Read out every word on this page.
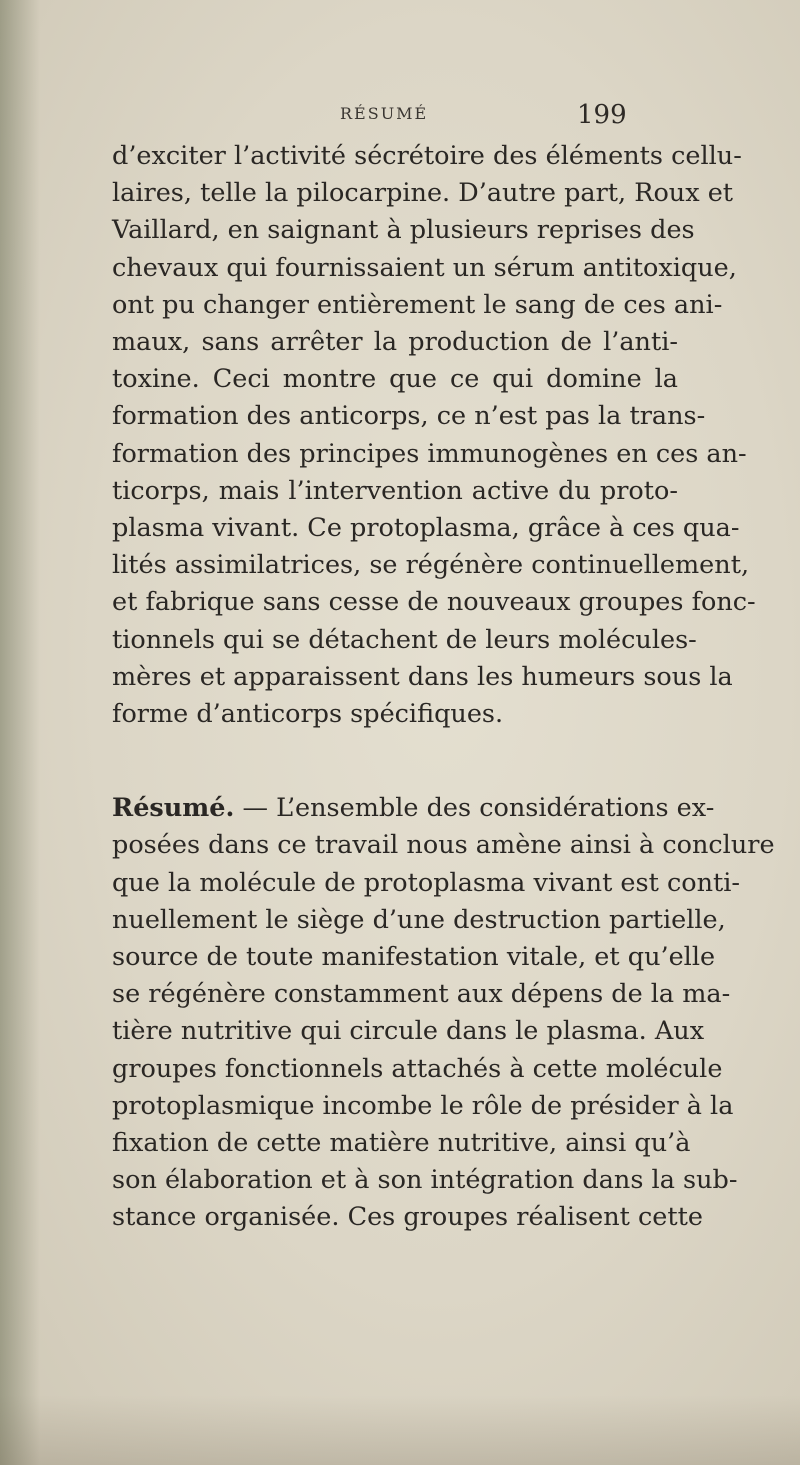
RÉSUMÉ	199
d’exciter l’activité sécrétoire des éléments cellu-
laires, telle la pilocarpine. D’autre part, Roux et
Vaillard, en saignant à plusieurs reprises des
chevaux qui fournissaient un sérum antitoxique,
ont pu changer entièrement le sang de ces ani-
maux, sans arrêter la production de l’anti-
toxine. Ceci montre que ce qui domine la
formation des anticorps, ce n’est pas la trans-
formation des principes immunogènes en ces an-
ticorps, mais l’intervention active du proto-
plasma vivant. Ce protoplasma, grâce à ces qua-
lités assimilatrices, se régénère continuellement,
et fabrique sans cesse de nouveaux groupes fonc-
tionnels qui se détachent de leurs molécules-
mères et apparaissent dans les humeurs sous la
forme d’anticorps spécifiques.
Résumé. — L’ensemble des considérations ex-
posées dans ce travail nous amène ainsi à conclure
que la molécule de protoplasma vivant est conti-
nuellement le siège d’une destruction partielle,
source de toute manifestation vitale, et qu’elle
se régénère constamment aux dépens de la ma-
tière nutritive qui circule dans le plasma. Aux
groupes fonctionnels attachés à cette molécule
protoplasmique incombe le rôle de présider à la
fixation de cette matière nutritive, ainsi qu’à
son élaboration et à son intégration dans la sub-
stance organisée. Ces groupes réalisent cette
